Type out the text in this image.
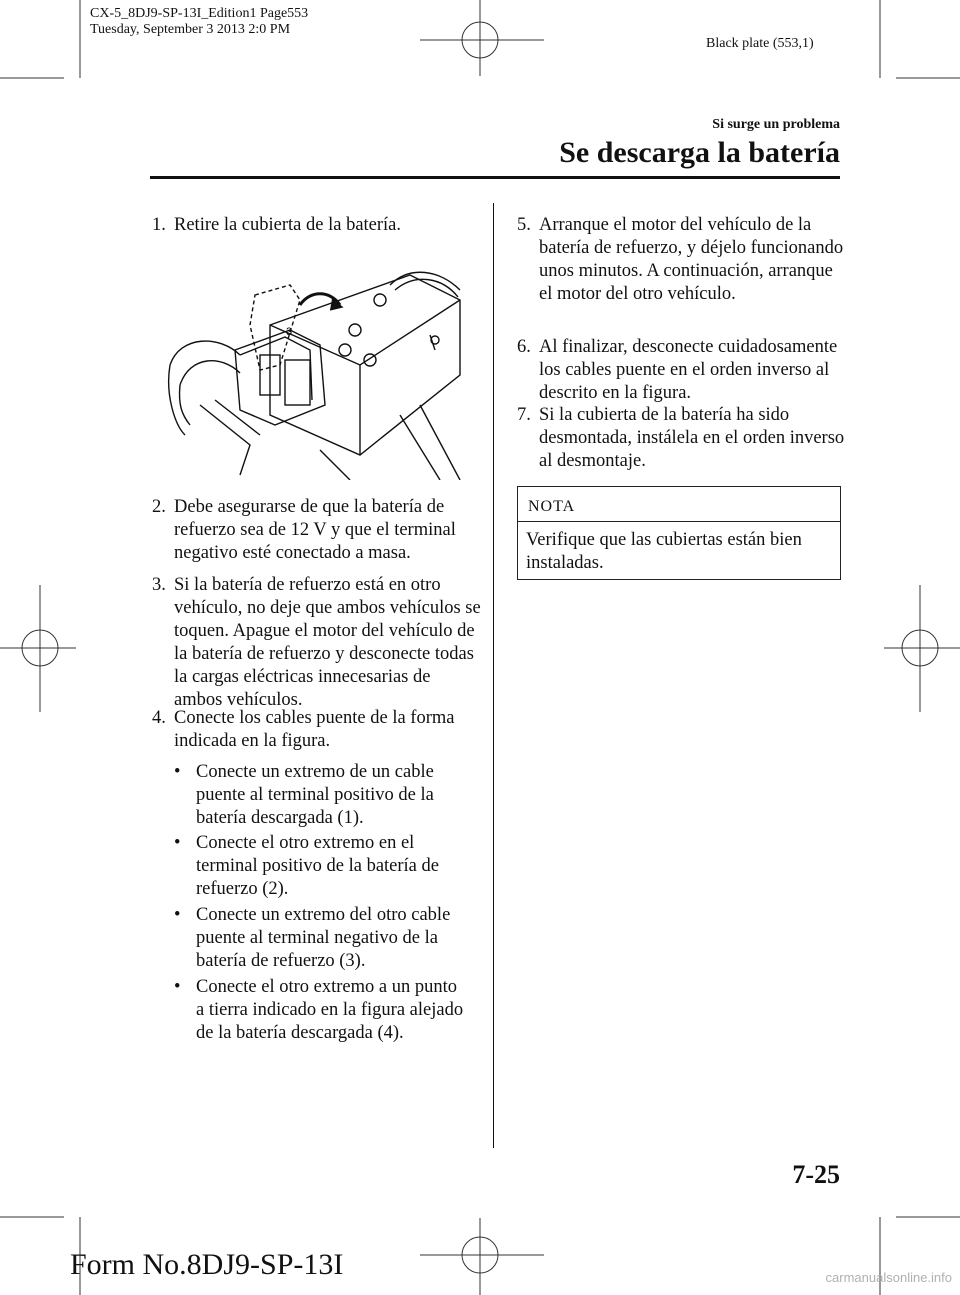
CX-5_8DJ9-SP-13I_Edition1 Page553
Tuesday, September 3 2013 2:0 PM
Black plate (553,1)
Si surge un problema
Se descarga la batería
1. Retire la cubierta de la batería.

3
2. Debe asegurarse de que la batería de refuerzo sea de 12 V y que el terminal negativo esté conectado a masa.

3. Si la batería de refuerzo está en otro vehículo, no deje que ambos vehículos se toquen. Apague el motor del vehículo de la batería de refuerzo y desconecte todas la cargas eléctricas innecesarias de ambos vehículos.

4. Conecte los cables puente de la forma indicada en la figura.

• Conecte un extremo de un cable puente al terminal positivo de la batería descargada (1).

• Conecte el otro extremo en el terminal positivo de la batería de refuerzo (2).

• Conecte un extremo del otro cable puente al terminal negativo de la batería de refuerzo (3).

• Conecte el otro extremo a un punto a tierra indicado en la figura alejado de la batería descargada (4).

5. Arranque el motor del vehículo de la batería de refuerzo, y déjelo funcionando unos minutos. A continuación, arranque el motor del otro vehículo.

6. Al finalizar, desconecte cuidadosamente los cables puente en el orden inverso al descrito en la figura.

7. Si la cubierta de la batería ha sido desmontada, instálela en el orden inverso al desmontaje.

NOTA

Verifique que las cubiertas están bien instaladas.

7-25
Form No.8DJ9-SP-13I	carmanualsonline.info
